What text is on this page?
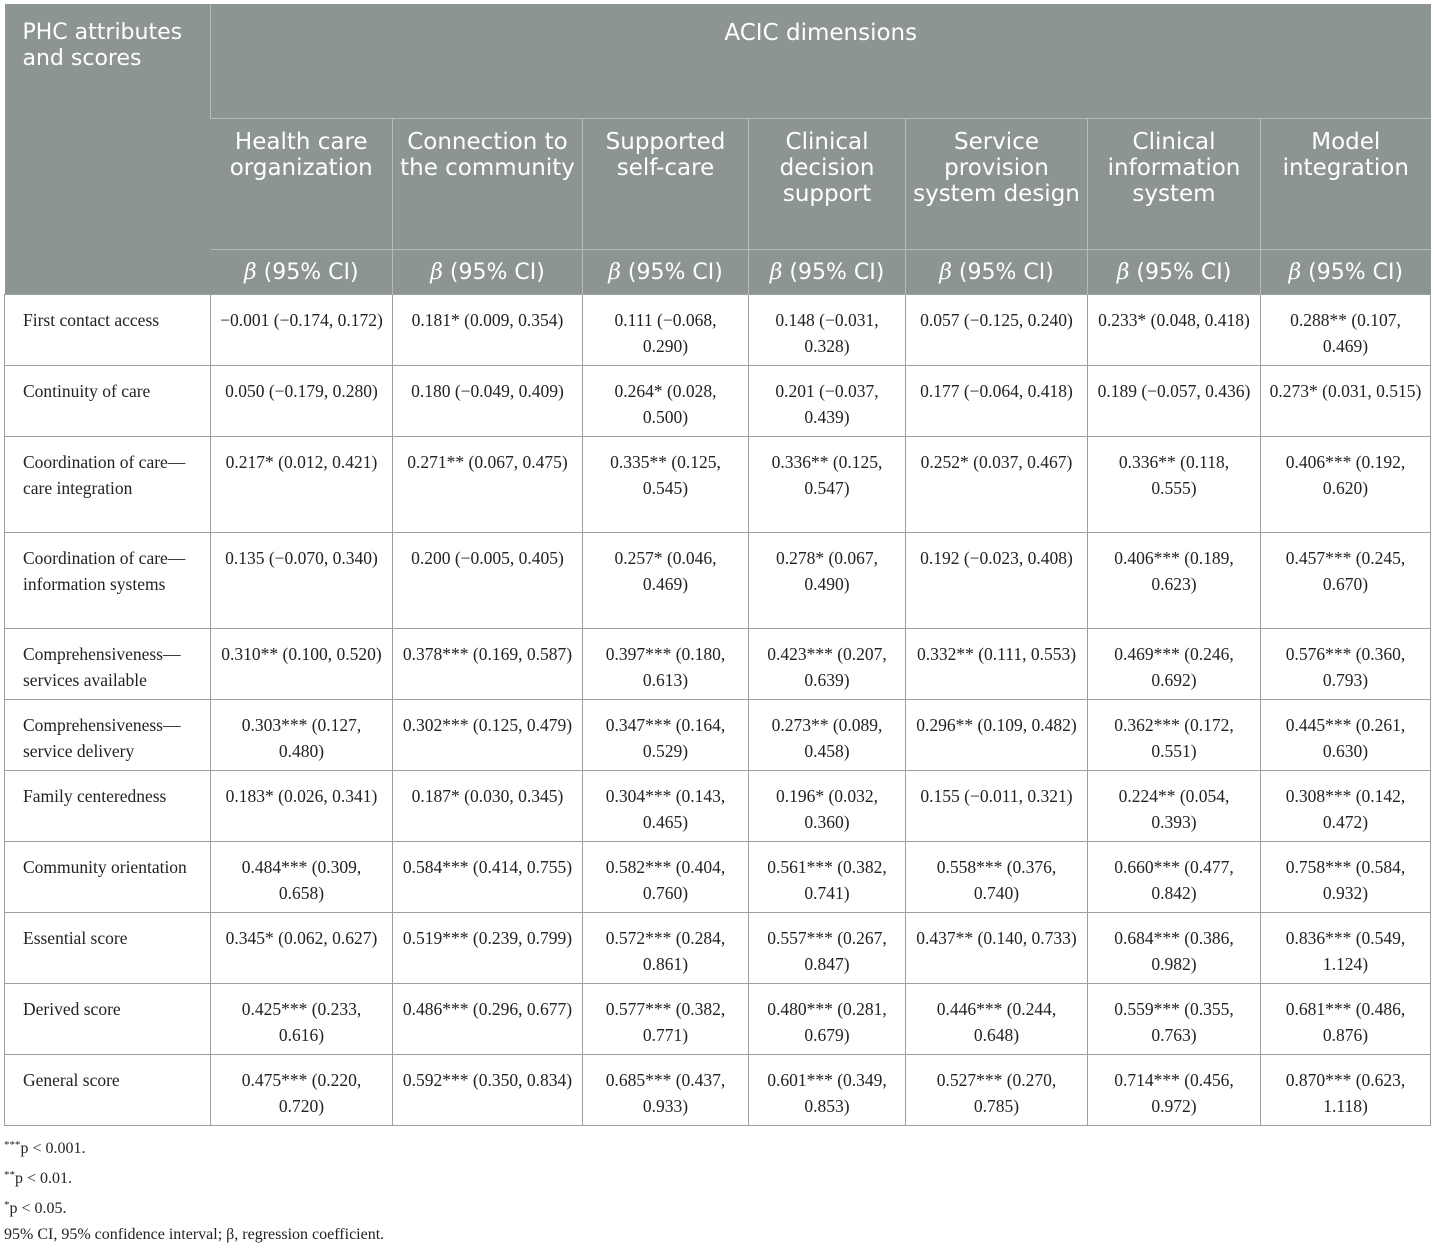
PHC attributes and scores	ACIC dimensions						
	Health care organization	Connection to the community	Supported self-care	Clinical decision support	Service provision system design	Clinical information system	Model integration
	β (95% CI)	β (95% CI)	β (95% CI)	β (95% CI)	β (95% CI)	β (95% CI)	β (95% CI)
First contact access	−0.001 (−0.174, 0.172)	0.181* (0.009, 0.354)	0.111 (−0.068, 0.290)	0.148 (−0.031, 0.328)	0.057 (−0.125, 0.240)	0.233* (0.048, 0.418)	0.288** (0.107, 0.469)
Continuity of care	0.050 (−0.179, 0.280)	0.180 (−0.049, 0.409)	0.264* (0.028, 0.500)	0.201 (−0.037, 0.439)	0.177 (−0.064, 0.418)	0.189 (−0.057, 0.436)	0.273* (0.031, 0.515)
Coordination of care—care integration	0.217* (0.012, 0.421)	0.271** (0.067, 0.475)	0.335** (0.125, 0.545)	0.336** (0.125, 0.547)	0.252* (0.037, 0.467)	0.336** (0.118, 0.555)	0.406*** (0.192, 0.620)
Coordination of care—information systems	0.135 (−0.070, 0.340)	0.200 (−0.005, 0.405)	0.257* (0.046, 0.469)	0.278* (0.067, 0.490)	0.192 (−0.023, 0.408)	0.406*** (0.189, 0.623)	0.457*** (0.245, 0.670)
Comprehensiveness—services available	0.310** (0.100, 0.520)	0.378*** (0.169, 0.587)	0.397*** (0.180, 0.613)	0.423*** (0.207, 0.639)	0.332** (0.111, 0.553)	0.469*** (0.246, 0.692)	0.576*** (0.360, 0.793)
Comprehensiveness—service delivery	0.303*** (0.127, 0.480)	0.302*** (0.125, 0.479)	0.347*** (0.164, 0.529)	0.273** (0.089, 0.458)	0.296** (0.109, 0.482)	0.362*** (0.172, 0.551)	0.445*** (0.261, 0.630)
Family centeredness	0.183* (0.026, 0.341)	0.187* (0.030, 0.345)	0.304*** (0.143, 0.465)	0.196* (0.032, 0.360)	0.155 (−0.011, 0.321)	0.224** (0.054, 0.393)	0.308*** (0.142, 0.472)
Community orientation	0.484*** (0.309, 0.658)	0.584*** (0.414, 0.755)	0.582*** (0.404, 0.760)	0.561*** (0.382, 0.741)	0.558*** (0.376, 0.740)	0.660*** (0.477, 0.842)	0.758*** (0.584, 0.932)
Essential score	0.345* (0.062, 0.627)	0.519*** (0.239, 0.799)	0.572*** (0.284, 0.861)	0.557*** (0.267, 0.847)	0.437** (0.140, 0.733)	0.684*** (0.386, 0.982)	0.836*** (0.549, 1.124)
Derived score	0.425*** (0.233, 0.616)	0.486*** (0.296, 0.677)	0.577*** (0.382, 0.771)	0.480*** (0.281, 0.679)	0.446*** (0.244, 0.648)	0.559*** (0.355, 0.763)	0.681*** (0.486, 0.876)
General score	0.475*** (0.220, 0.720)	0.592*** (0.350, 0.834)	0.685*** (0.437, 0.933)	0.601*** (0.349, 0.853)	0.527*** (0.270, 0.785)	0.714*** (0.456, 0.972)	0.870*** (0.623, 1.118)
***p < 0.001.
**p < 0.01.
*p < 0.05.
95% CI, 95% confidence interval; β, regression coefficient.
